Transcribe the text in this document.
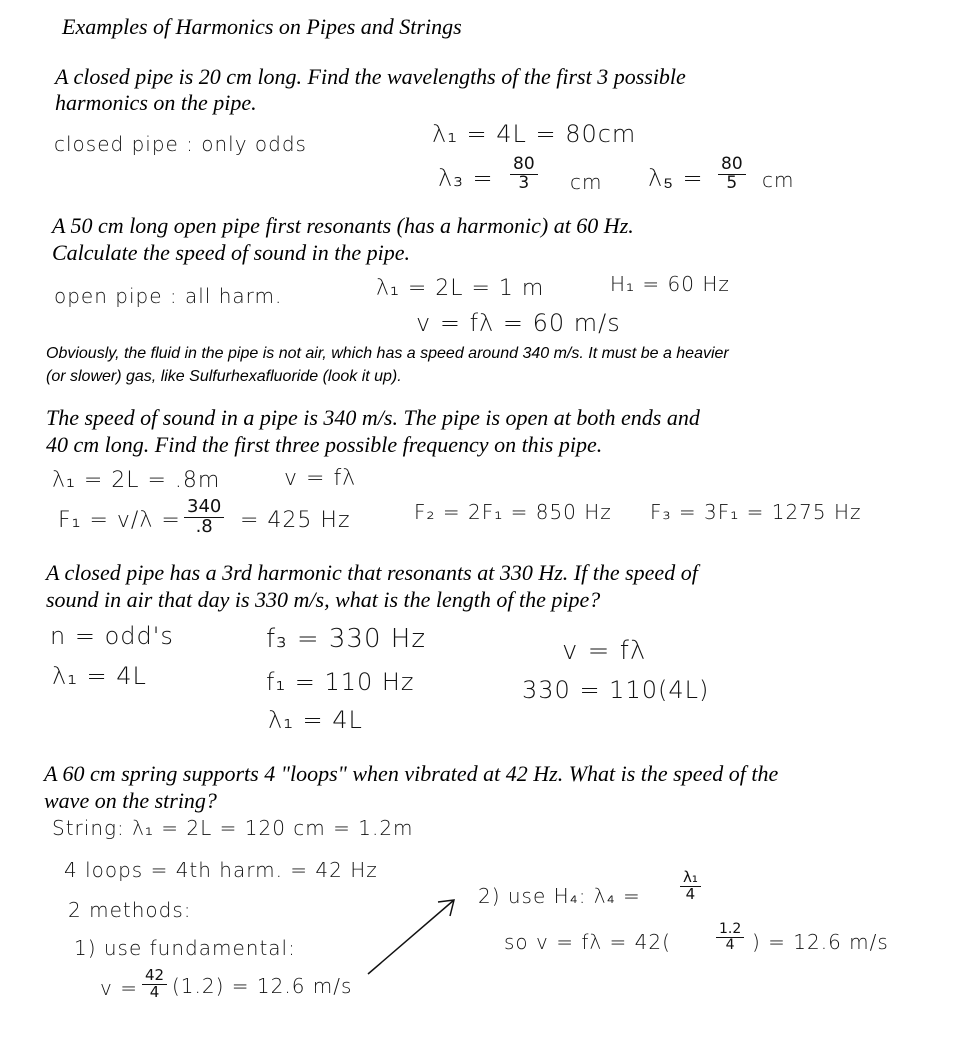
Examples of Harmonics on Pipes and Strings
A closed pipe is 20 cm long. Find the wavelengths of the first 3 possible
harmonics on the pipe.
closed pipe : only odds	λ₁ = 4L = 80cm
$\lambda_3 = \frac{80}{3}$ cm $\lambda_5 = \frac{80}{5}$ cm
A 50 cm long open pipe first resonants (has a harmonic) at 60 Hz.
Calculate the speed of sound in the pipe.
open pipe : all harm.	λ₁ = 2L = 1 m	H₁ = 60 Hz
v = fλ = 60 m/s
Obviously, the fluid in the pipe is not air, which has a speed around 340 m/s. It must be a heavier
(or slower) gas, like Sulfurhexafluoride (look it up).
The speed of sound in a pipe is 340 m/s. The pipe is open at both ends and
40 cm long. Find the first three possible frequency on this pipe.
λ₁ = 2L = .8m	v = fλ
$F_1 = v/\lambda = \frac{340}{.8} = 425$ Hz	F₂ = 2F₁ = 850 Hz F₃ = 3F₁ = 1275 Hz
A closed pipe has a 3rd harmonic that resonants at 330 Hz. If the speed of
sound in air that day is 330 m/s, what is the length of the pipe?
n = odd's
λ₁ = 4L
f₃ = 330 Hz
f₁ = 110 Hz
λ₁ = 4L
v = fλ
330 = 110(4L)
A 60 cm spring supports 4 "loops" when vibrated at 42 Hz. What is the speed of the
wave on the string?
String: λ₁ = 2L = 120 cm = 1.2m
4 loops = 4th harm. = 42 Hz
2 methods:
1) use fundamental:
$v = \frac{42}{4} (1.2) = 12.6$ m/s
2) use H₄: λ₄ =	$\frac{\text{λ₁}}{4}$
so v = fλ = 42(	$\frac{1.2}{4}$ ) = 12.6 m/s
